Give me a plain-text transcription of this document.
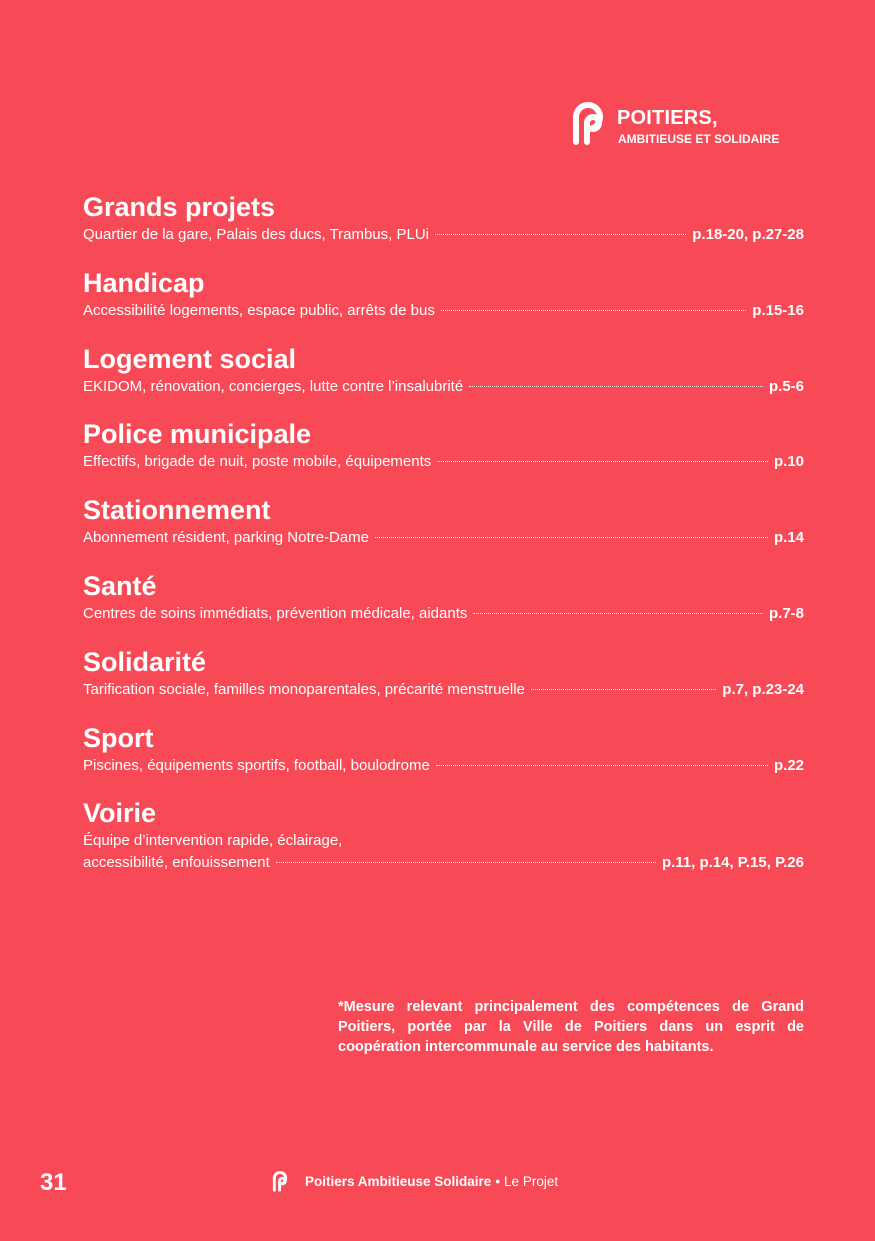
POITIERS,
AMBITIEUSE ET SOLIDAIRE
Grands projets
Quartier de la gare, Palais des ducs, Trambus, PLUi	p.18-20, p.27-28
Handicap
Accessibilité logements, espace public, arrêts de bus	p.15-16
Logement social
EKIDOM, rénovation, concierges, lutte contre l’insalubrité	p.5-6
Police municipale
Effectifs, brigade de nuit, poste mobile, équipements	p.10
Stationnement
Abonnement résident, parking Notre-Dame	p.14
Santé
Centres de soins immédiats, prévention médicale, aidants	p.7-8
Solidarité
Tarification sociale, familles monoparentales, précarité menstruelle	p.7, p.23-24
Sport
Piscines, équipements sportifs, football, boulodrome	p.22
Voirie
Équipe d’intervention rapide, éclairage,
accessibilité, enfouissement	p.11, p.14, P.15, P.26
*Mesure relevant principalement des compétences de Grand Poitiers, portée par la Ville de Poitiers dans un esprit de coopération intercommunale au service des habitants.
31	Poitiers Ambitieuse Solidaire • Le Projet
